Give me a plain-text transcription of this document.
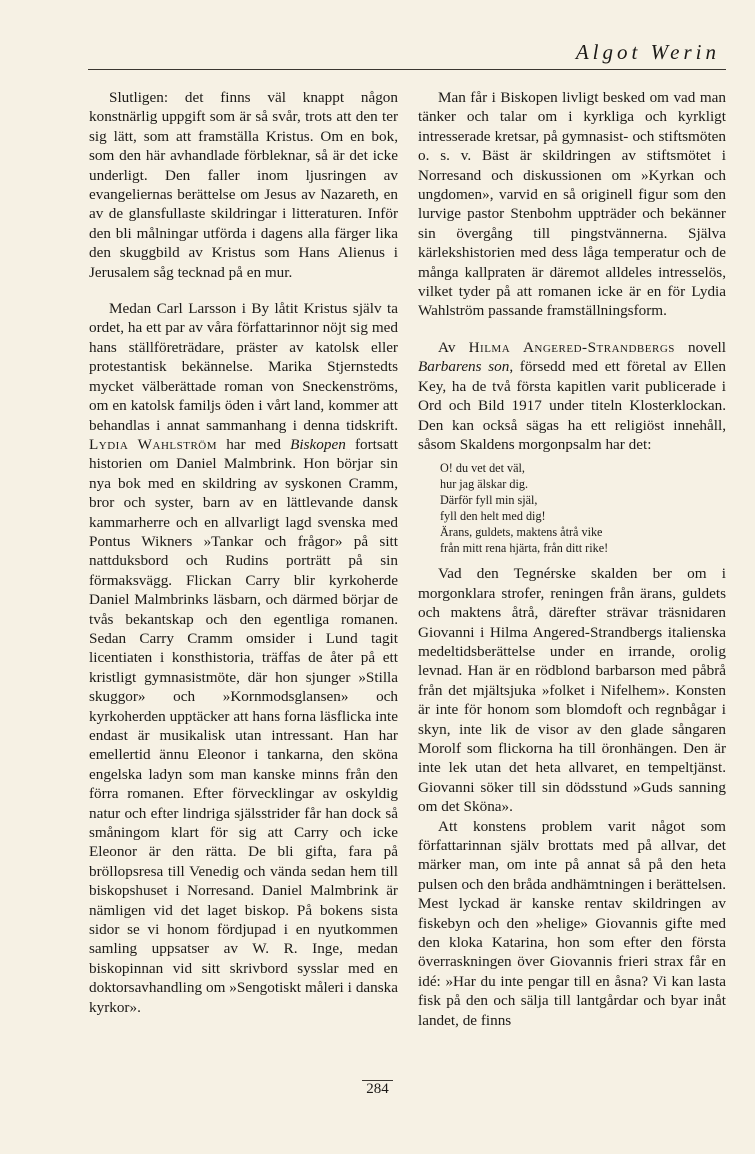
Algot Werin

Slutligen: det finns väl knappt någon konstnärlig uppgift som är så svår, trots att den ter sig lätt, som att framställa Kristus. Om en bok, som den här avhandlade förbleknar, så är det icke underligt. Den faller inom ljusringen av evangeliernas berättelse om Jesus av Nazareth, en av de glansfullaste skildringar i litteraturen. Inför den bli målningar utförda i dagens alla färger lika den skuggbild av Kristus som Hans Alienus i Jerusalem såg tecknad på en mur.

Medan Carl Larsson i By låtit Kristus själv ta ordet, ha ett par av våra författarinnor nöjt sig med hans ställföreträdare, präster av katolsk eller protestantisk bekännelse. Marika Stjernstedts mycket välberättade roman von Sneckenströms, om en katolsk familjs öden i vårt land, kommer att behandlas i annat sammanhang i denna tidskrift. Lydia Wahlström har med Biskopen fortsatt historien om Daniel Malmbrink. Hon börjar sin nya bok med en skildring av syskonen Cramm, bror och syster, barn av en lättlevande dansk kammarherre och en allvarligt lagd svenska med Pontus Wikners »Tankar och frågor» på sitt nattduksbord och Rudins porträtt på sin förmaksvägg. Flickan Carry blir kyrkoherde Daniel Malmbrinks läsbarn, och därmed börjar de tvås bekantskap och den egentliga romanen. Sedan Carry Cramm omsider i Lund tagit licentiaten i konsthistoria, träffas de åter på ett kristligt gymnasistmöte, där hon sjunger »Stilla skuggor» och »Kornmodsglansen» och kyrkoherden upptäcker att hans forna läsflicka inte endast är musikalisk utan intressant. Han har emellertid ännu Eleonor i tankarna, den sköna engelska ladyn som man kanske minns från den förra romanen. Efter förvecklingar av oskyldig natur och efter lindriga själsstrider får han dock så småningom klart för sig att Carry och icke Eleonor är den rätta. De bli gifta, fara på bröllopsresa till Venedig och vända sedan hem till biskopshuset i Norresand. Daniel Malmbrink är nämligen vid det laget biskop. På bokens sista sidor se vi honom fördjupad i en nyutkommen samling uppsatser av W. R. Inge, medan biskopinnan vid sitt skrivbord sysslar med en doktorsavhandling om »Sengotiskt måleri i danska kyrkor».

Man får i Biskopen livligt besked om vad man tänker och talar om i kyrkliga och kyrkligt intresserade kretsar, på gymnasist- och stiftsmöten o. s. v. Bäst är skildringen av stiftsmötet i Norresand och diskussionen om »Kyrkan och ungdomen», varvid en så originell figur som den lurvige pastor Stenbohm uppträder och bekänner sin övergång till pingstvännerna. Själva kärlekshistorien med dess låga temperatur och de många kallpraten är däremot alldeles intresselös, vilket tyder på att romanen icke är en för Lydia Wahlström passande framställningsform.

Av Hilma Angered-Strandbergs novell Barbarens son, försedd med ett företal av Ellen Key, ha de två första kapitlen varit publicerade i Ord och Bild 1917 under titeln Klosterklockan. Den kan också sägas ha ett religiöst innehåll, såsom Skaldens morgonpsalm har det:

O! du vet det väl,
hur jag älskar dig.
Därför fyll min själ,
fyll den helt med dig!
Ärans, guldets, maktens åtrå vike
från mitt rena hjärta, från ditt rike!

Vad den Tegnérske skalden ber om i morgonklara strofer, reningen från ärans, guldets och maktens åtrå, därefter strävar träsnidaren Giovanni i Hilma Angered-Strandbergs italienska medeltidsberättelse under en irrande, orolig levnad. Han är en rödblond barbarson med påbrå från det mjältsjuka »folket i Nifelhem». Konsten är inte för honom som blomdoft och regnbågar i skyn, inte lik de visor av den glade sångaren Morolf som flickorna ha till öronhängen. Den är inte lek utan det heta allvaret, en tempeltjänst. Giovanni söker till sin dödsstund »Guds sanning om det Sköna».

Att konstens problem varit något som författarinnan själv brottats med på allvar, det märker man, om inte på annat så på den heta pulsen och den bråda andhämtningen i berättelsen. Mest lyckad är kanske rentav skildringen av fiskebyn och den »helige» Giovannis gifte med den kloka Katarina, hon som efter den första överraskningen över Giovannis frieri strax får en idé: »Har du inte pengar till en åsna? Vi kan lasta fisk på den och sälja till lantgårdar och byar inåt landet, de finns

284
